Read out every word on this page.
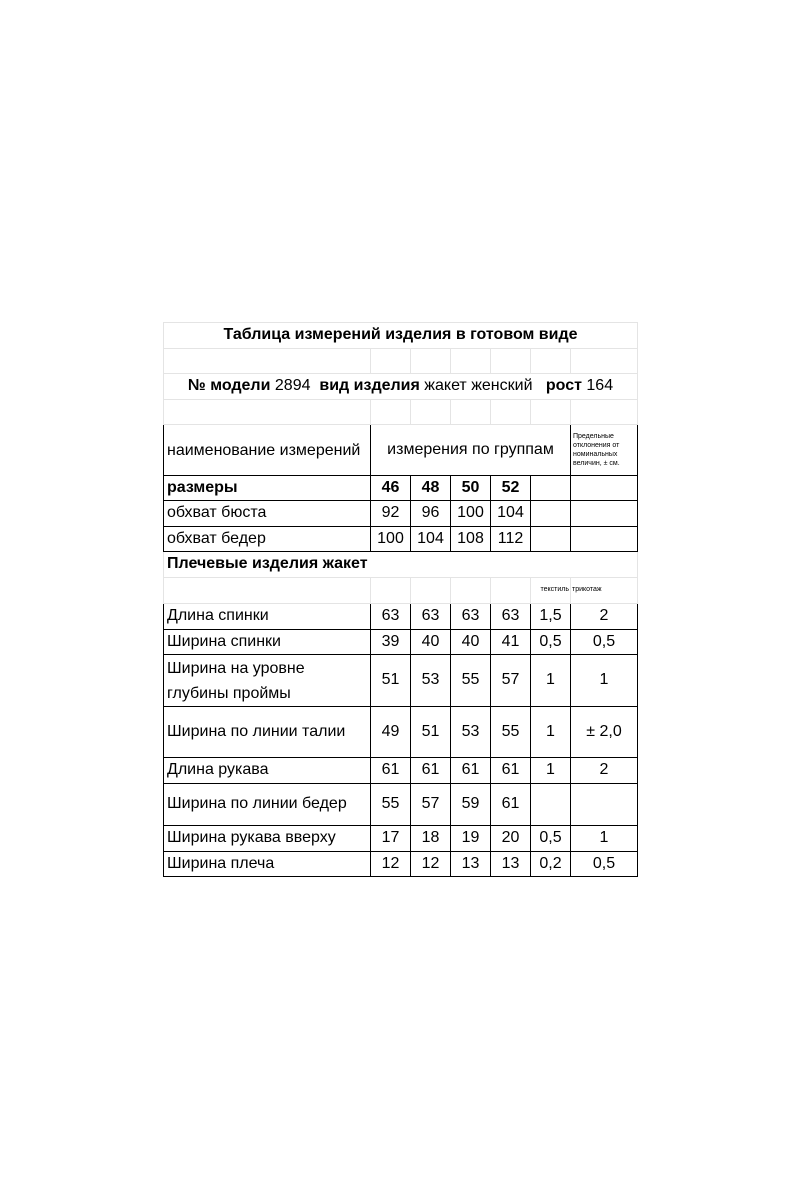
Таблица измерений изделия в готовом виде						

№ модели 2894 вид изделия жакет женский рост 164						

наименование измерений	измерения по группам					Предельные отклонения от номинальных величин, ± см.
размеры	46	48	50	52		
обхват бюста	92	96	100	104		
обхват бедер	100	104	108	112		
Плечевые изделия жакет						
					текстиль	трикотаж
Длина спинки	63	63	63	63	1,5	2
Ширина спинки	39	40	40	41	0,5	0,5
Ширина на уровне глубины проймы	51	53	55	57	1	1
Ширина по линии талии	49	51	53	55	1	± 2,0
Длина рукава	61	61	61	61	1	2
Ширина по линии бедер	55	57	59	61		
Ширина рукава вверху	17	18	19	20	0,5	1
Ширина плеча	12	12	13	13	0,2	0,5
